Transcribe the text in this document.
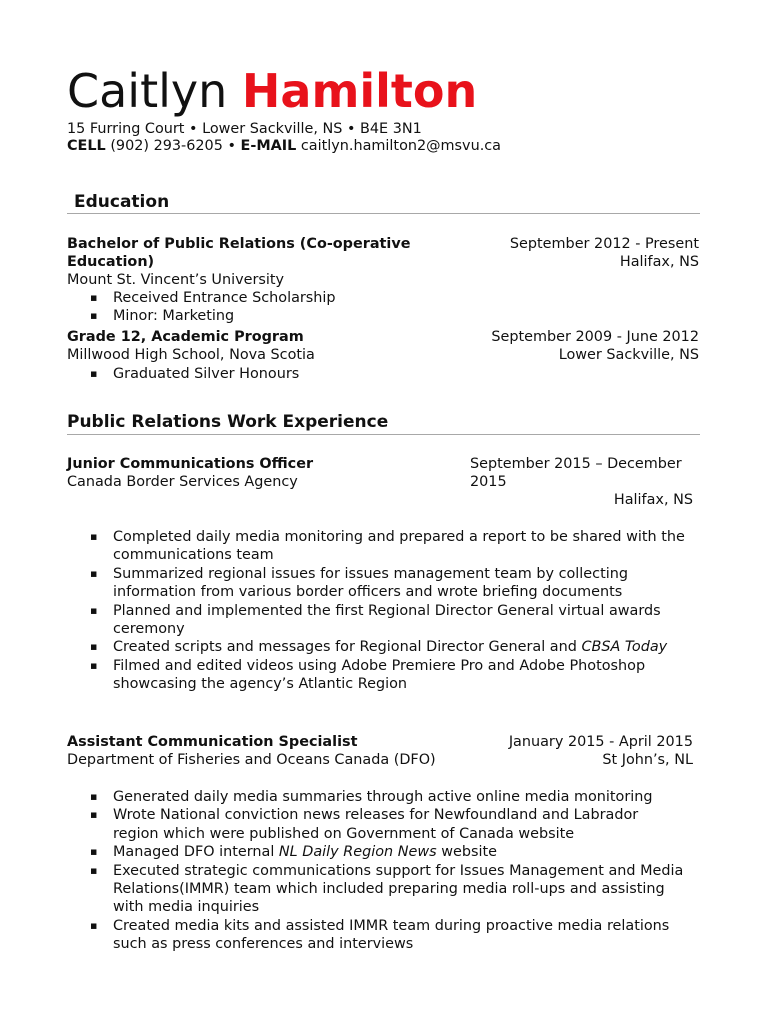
Caitlyn Hamilton
15 Furring Court • Lower Sackville, NS • B4E 3N1
CELL (902) 293-6205 • E-MAIL caitlyn.hamilton2@msvu.ca
Education
Bachelor of Public Relations (Co-operative
Education)
September 2012 - Present
Halifax, NS
Mount St. Vincent’s University
▪ Received Entrance Scholarship
▪ Minor: Marketing
Grade 12, Academic Program	September 2009 - June 2012
Millwood High School, Nova Scotia	Lower Sackville, NS
▪ Graduated Silver Honours
Public Relations Work Experience
Junior Communications Officer
Canada Border Services Agency
September 2015 – December
2015
Halifax, NS
▪ Completed daily media monitoring and prepared a report to be shared with the communications team
▪ Summarized regional issues for issues management team by collecting information from various border officers and wrote briefing documents
▪ Planned and implemented the first Regional Director General virtual awards ceremony
▪ Created scripts and messages for Regional Director General and CBSA Today
▪ Filmed and edited videos using Adobe Premiere Pro and Adobe Photoshop showcasing the agency’s Atlantic Region
Assistant Communication Specialist
Department of Fisheries and Oceans Canada (DFO)
January 2015 - April 2015
St John’s, NL
▪ Generated daily media summaries through active online media monitoring
▪ Wrote National conviction news releases for Newfoundland and Labrador region which were published on Government of Canada website
▪ Managed DFO internal NL Daily Region News website
▪ Executed strategic communications support for Issues Management and Media Relations(IMMR) team which included preparing media roll-ups and assisting with media inquiries
▪ Created media kits and assisted IMMR team during proactive media relations such as press conferences and interviews
